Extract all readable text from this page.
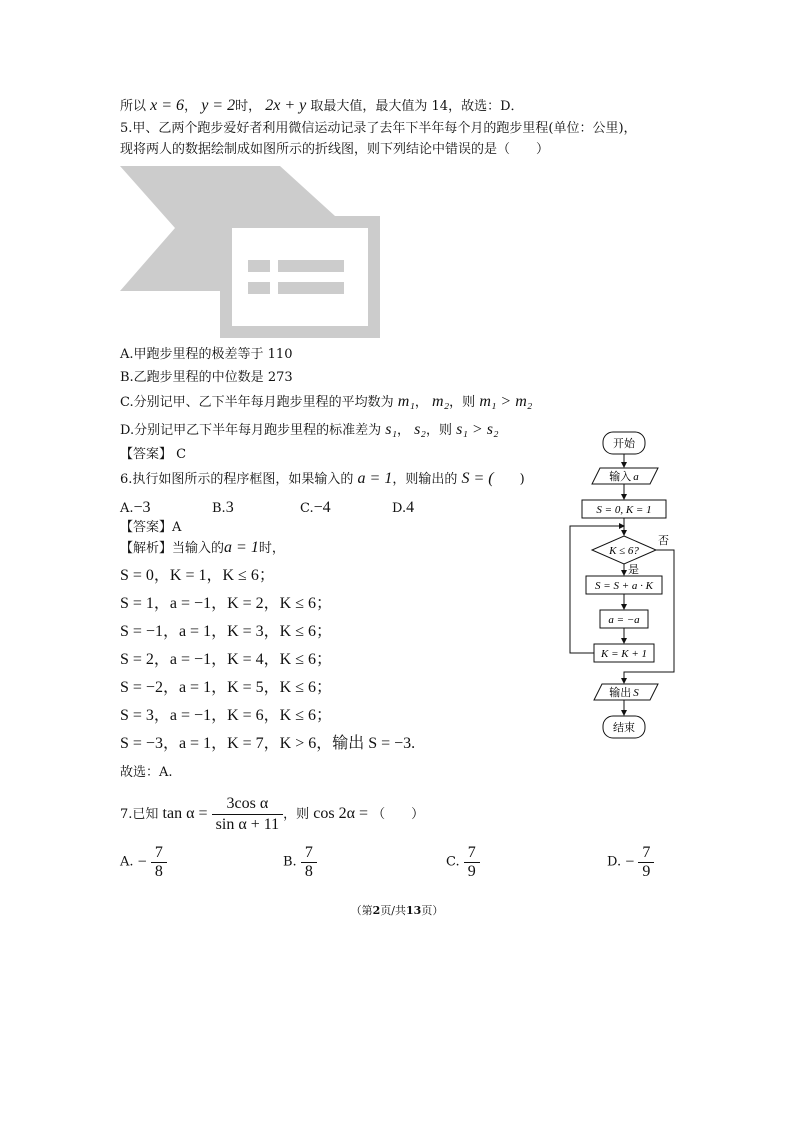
所以 x = 6， y = 2时， 2x + y 取最大值，最大值为 14，故选：D．
5.甲、乙两个跑步爱好者利用微信运动记录了去年下半年每个月的跑步里程(单位：公里)，
现将两人的数据绘制成如图所示的折线图，则下列结论中错误的是（　　）
A.甲跑步里程的极差等于 110
B.乙跑步里程的中位数是 273
C.分别记甲、乙下半年每月跑步里程的平均数为 m₁， m₂，则 m₁ > m₂
D.分别记甲乙下半年每月跑步里程的标准差为 s₁， s₂，则 s₁ > s₂
【答案】 C
6.执行如图所示的程序框图，如果输入的 a = 1，则输出的 S = (　　)
A.−3	B.3	C.−4	D.4
【答案】A
【解析】当输入的a = 1时，
S = 0，K = 1，K ≤ 6；
S = 1，a = −1，K = 2，K ≤ 6；
S = −1，a = 1，K = 3，K ≤ 6；
S = 2，a = −1，K = 4，K ≤ 6；
S = −2，a = 1，K = 5，K ≤ 6；
S = 3，a = −1，K = 6，K ≤ 6；
S = −3，a = 1，K = 7，K > 6，输出 S = −3.
故选：A.
开始
输入 a
S = 0, K = 1
K ≤ 6?
否
是
S = S + a · K
a = −a
K = K + 1
输出 S
结束
7.已知 $\tan \alpha = \frac{\text{3cos α}}{\text{sin α + 11}}$ ，则 cos 2α = （　　）
A. − $\frac{7}{8}$	B. $\frac{7}{8}$	C. $\frac{7}{9}$	D. − $\frac{7}{9}$
（第2页/共13页）
